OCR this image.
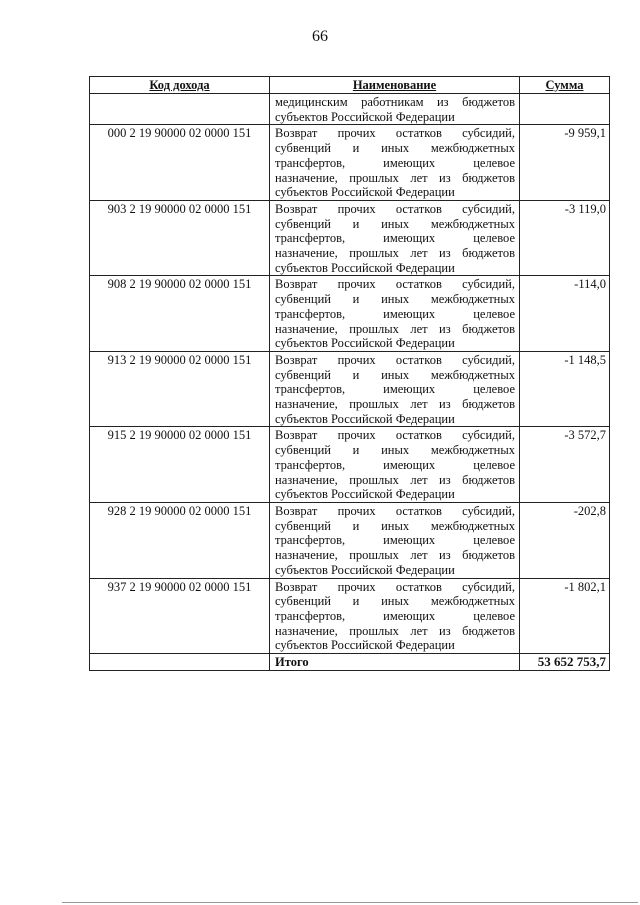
66
Код дохода	Наименование	Сумма

	медицинским работникам из бюджетов
субъектов Российской Федерации	

000 2 19 90000 02 0000 151	Возврат прочих остатков субсидий,
субвенций и иных межбюджетных
трансфертов, имеющих целевое
назначение, прошлых лет из бюджетов
субъектов Российской Федерации	-9 959,1
903 2 19 90000 02 0000 151	Возврат прочих остатков субсидий,
субвенций и иных межбюджетных
трансфертов, имеющих целевое
назначение, прошлых лет из бюджетов
субъектов Российской Федерации	-3 119,0
908 2 19 90000 02 0000 151	Возврат прочих остатков субсидий,
субвенций и иных межбюджетных
трансфертов, имеющих целевое
назначение, прошлых лет из бюджетов
субъектов Российской Федерации	-114,0
913 2 19 90000 02 0000 151	Возврат прочих остатков субсидий,
субвенций и иных межбюджетных
трансфертов, имеющих целевое
назначение, прошлых лет из бюджетов
субъектов Российской Федерации	-1 148,5
915 2 19 90000 02 0000 151	Возврат прочих остатков субсидий,
субвенций и иных межбюджетных
трансфертов, имеющих целевое
назначение, прошлых лет из бюджетов
субъектов Российской Федерации	-3 572,7
928 2 19 90000 02 0000 151	Возврат прочих остатков субсидий,
субвенций и иных межбюджетных
трансфертов, имеющих целевое
назначение, прошлых лет из бюджетов
субъектов Российской Федерации	-202,8
937 2 19 90000 02 0000 151	Возврат прочих остатков субсидий,
субвенций и иных межбюджетных
трансфертов, имеющих целевое
назначение, прошлых лет из бюджетов
субъектов Российской Федерации	-1 802,1
	Итого	53 652 753,7
